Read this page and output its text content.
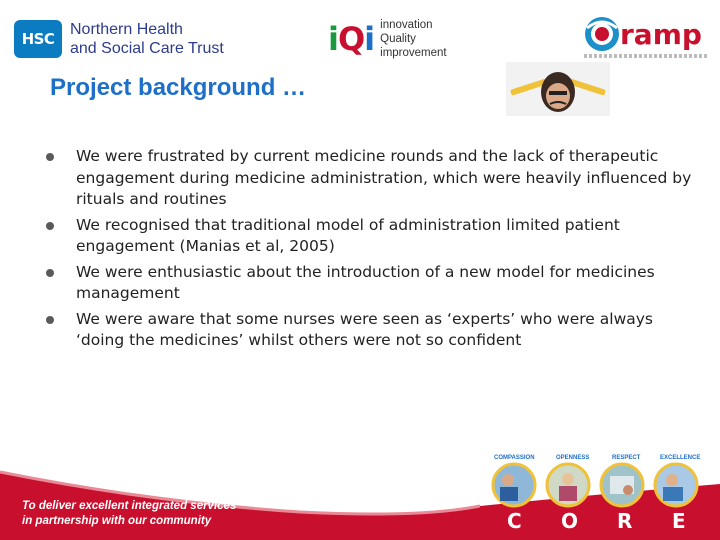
HSC
Northern Health
and Social Care Trust	iQi innovation
Quality
improvement
ramp
Project background …
We were frustrated by current medicine rounds and the lack of therapeutic engagement during medicine administration, which were heavily influenced by rituals and routines
We recognised that traditional model of administration limited patient engagement (Manias et al, 2005)
We were enthusiastic about the introduction of a new model for medicines management
We were aware that some nurses were seen as ‘experts’ who were always ‘doing the medicines’ whilst others were not so confident
To deliver excellent integrated services
in partnership with our community
COMPASSION	OPENNESS	RESPECT	EXCELLENCE
C O R E
